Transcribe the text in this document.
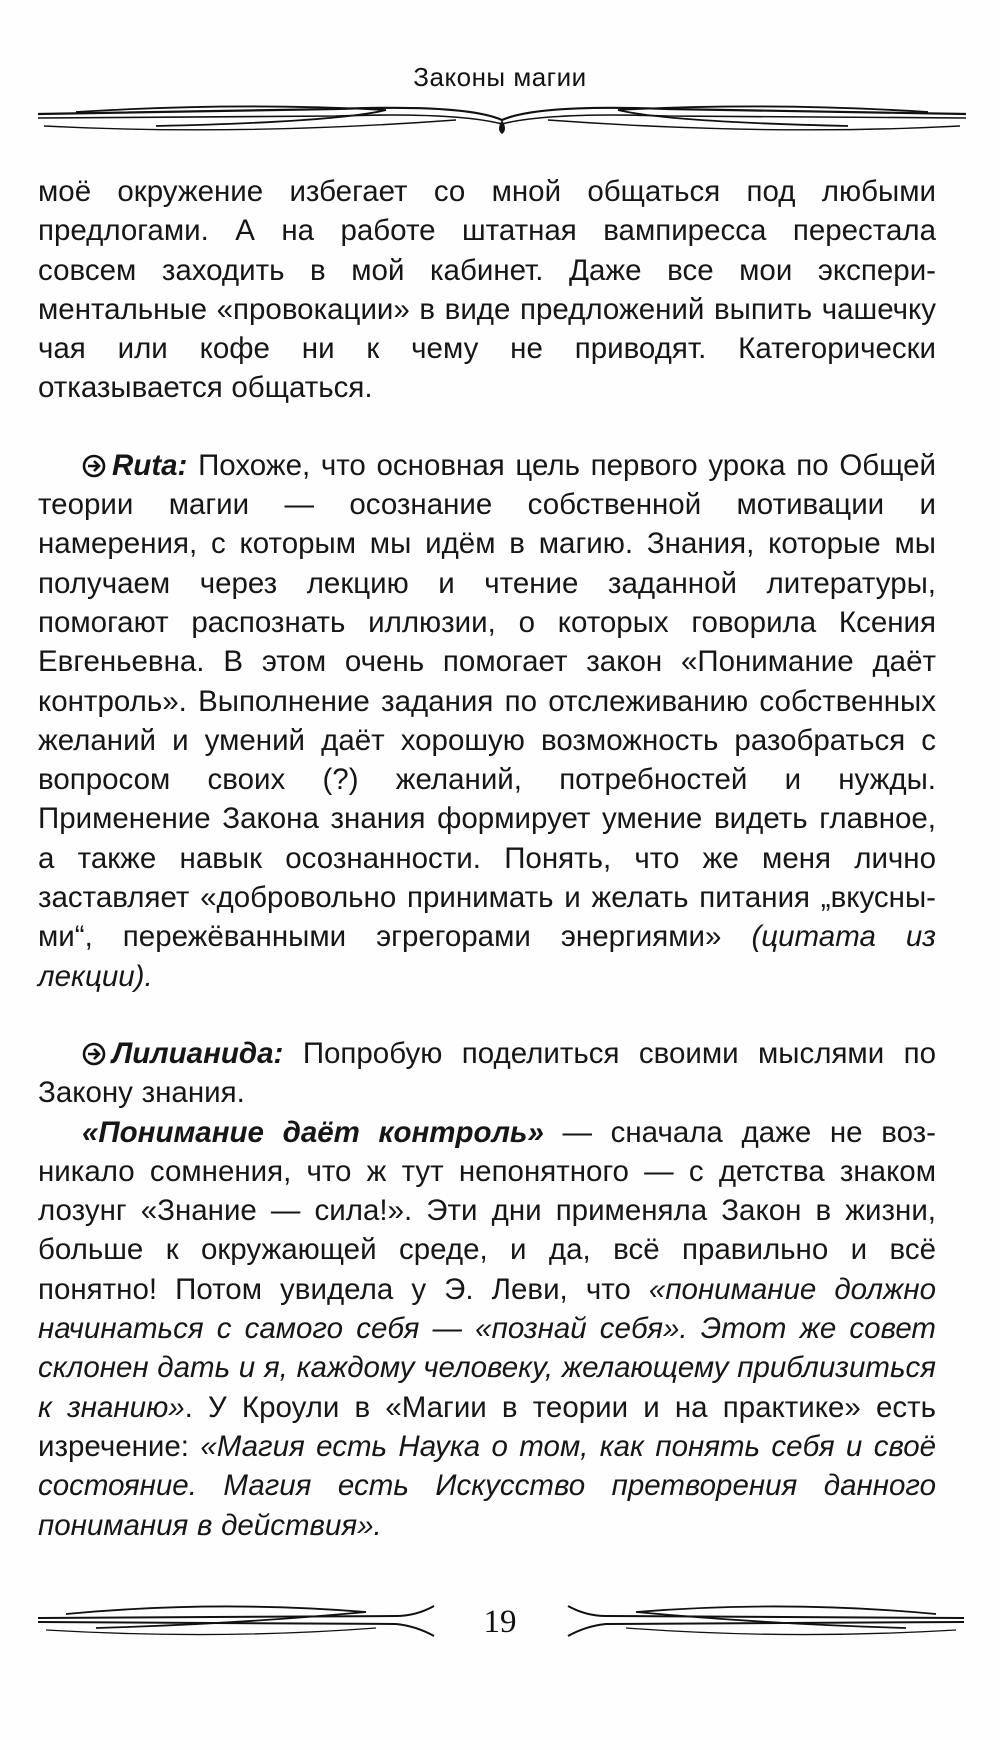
Законы магии

моё окружение избегает со мной общаться под любыми предлогами. А на работе штатная вампиресса перестала совсем заходить в мой кабинет. Даже все мои экспериментальные «провокации» в виде предложений выпить чашечку чая или кофе ни к чему не приводят. Категорически отказывается общаться.

Ruta: Похоже, что основная цель первого урока по Общей теории магии — осознание собственной мотивации и намерения, с которым мы идём в магию. Знания, которые мы получаем через лекцию и чтение заданной литературы, помогают распознать иллюзии, о которых говорила Ксения Евгеньевна. В этом очень помогает закон «Понимание даёт контроль». Выполнение задания по отслеживанию собственных желаний и умений даёт хорошую возможность разобраться с вопросом своих (?) желаний, потребностей и нужды. Применение Закона знания формирует умение видеть главное, а также навык осознанности. Понять, что же меня лично заставляет «добровольно принимать и желать питания „вкусными“, пережёванными эгрегорами энергиями» (цитата из лекции).

Лилианида: Попробую поделиться своими мыслями по Закону знания.

«Понимание даёт контроль» — сначала даже не возникало сомнения, что ж тут непонятного — с детства знаком лозунг «Знание — сила!». Эти дни применяла Закон в жизни, больше к окружающей среде, и да, всё правильно и всё понятно! Потом увидела у Э. Леви, что «понимание должно начинаться с самого себя — «познай себя». Этот же совет склонен дать и я, каждому человеку, желающему приблизиться к знанию». У Кроули в «Магии в теории и на практике» есть изречение: «Магия есть Наука о том, как понять себя и своё состояние. Магия есть Искусство претворения данного понимания в действия».

19
